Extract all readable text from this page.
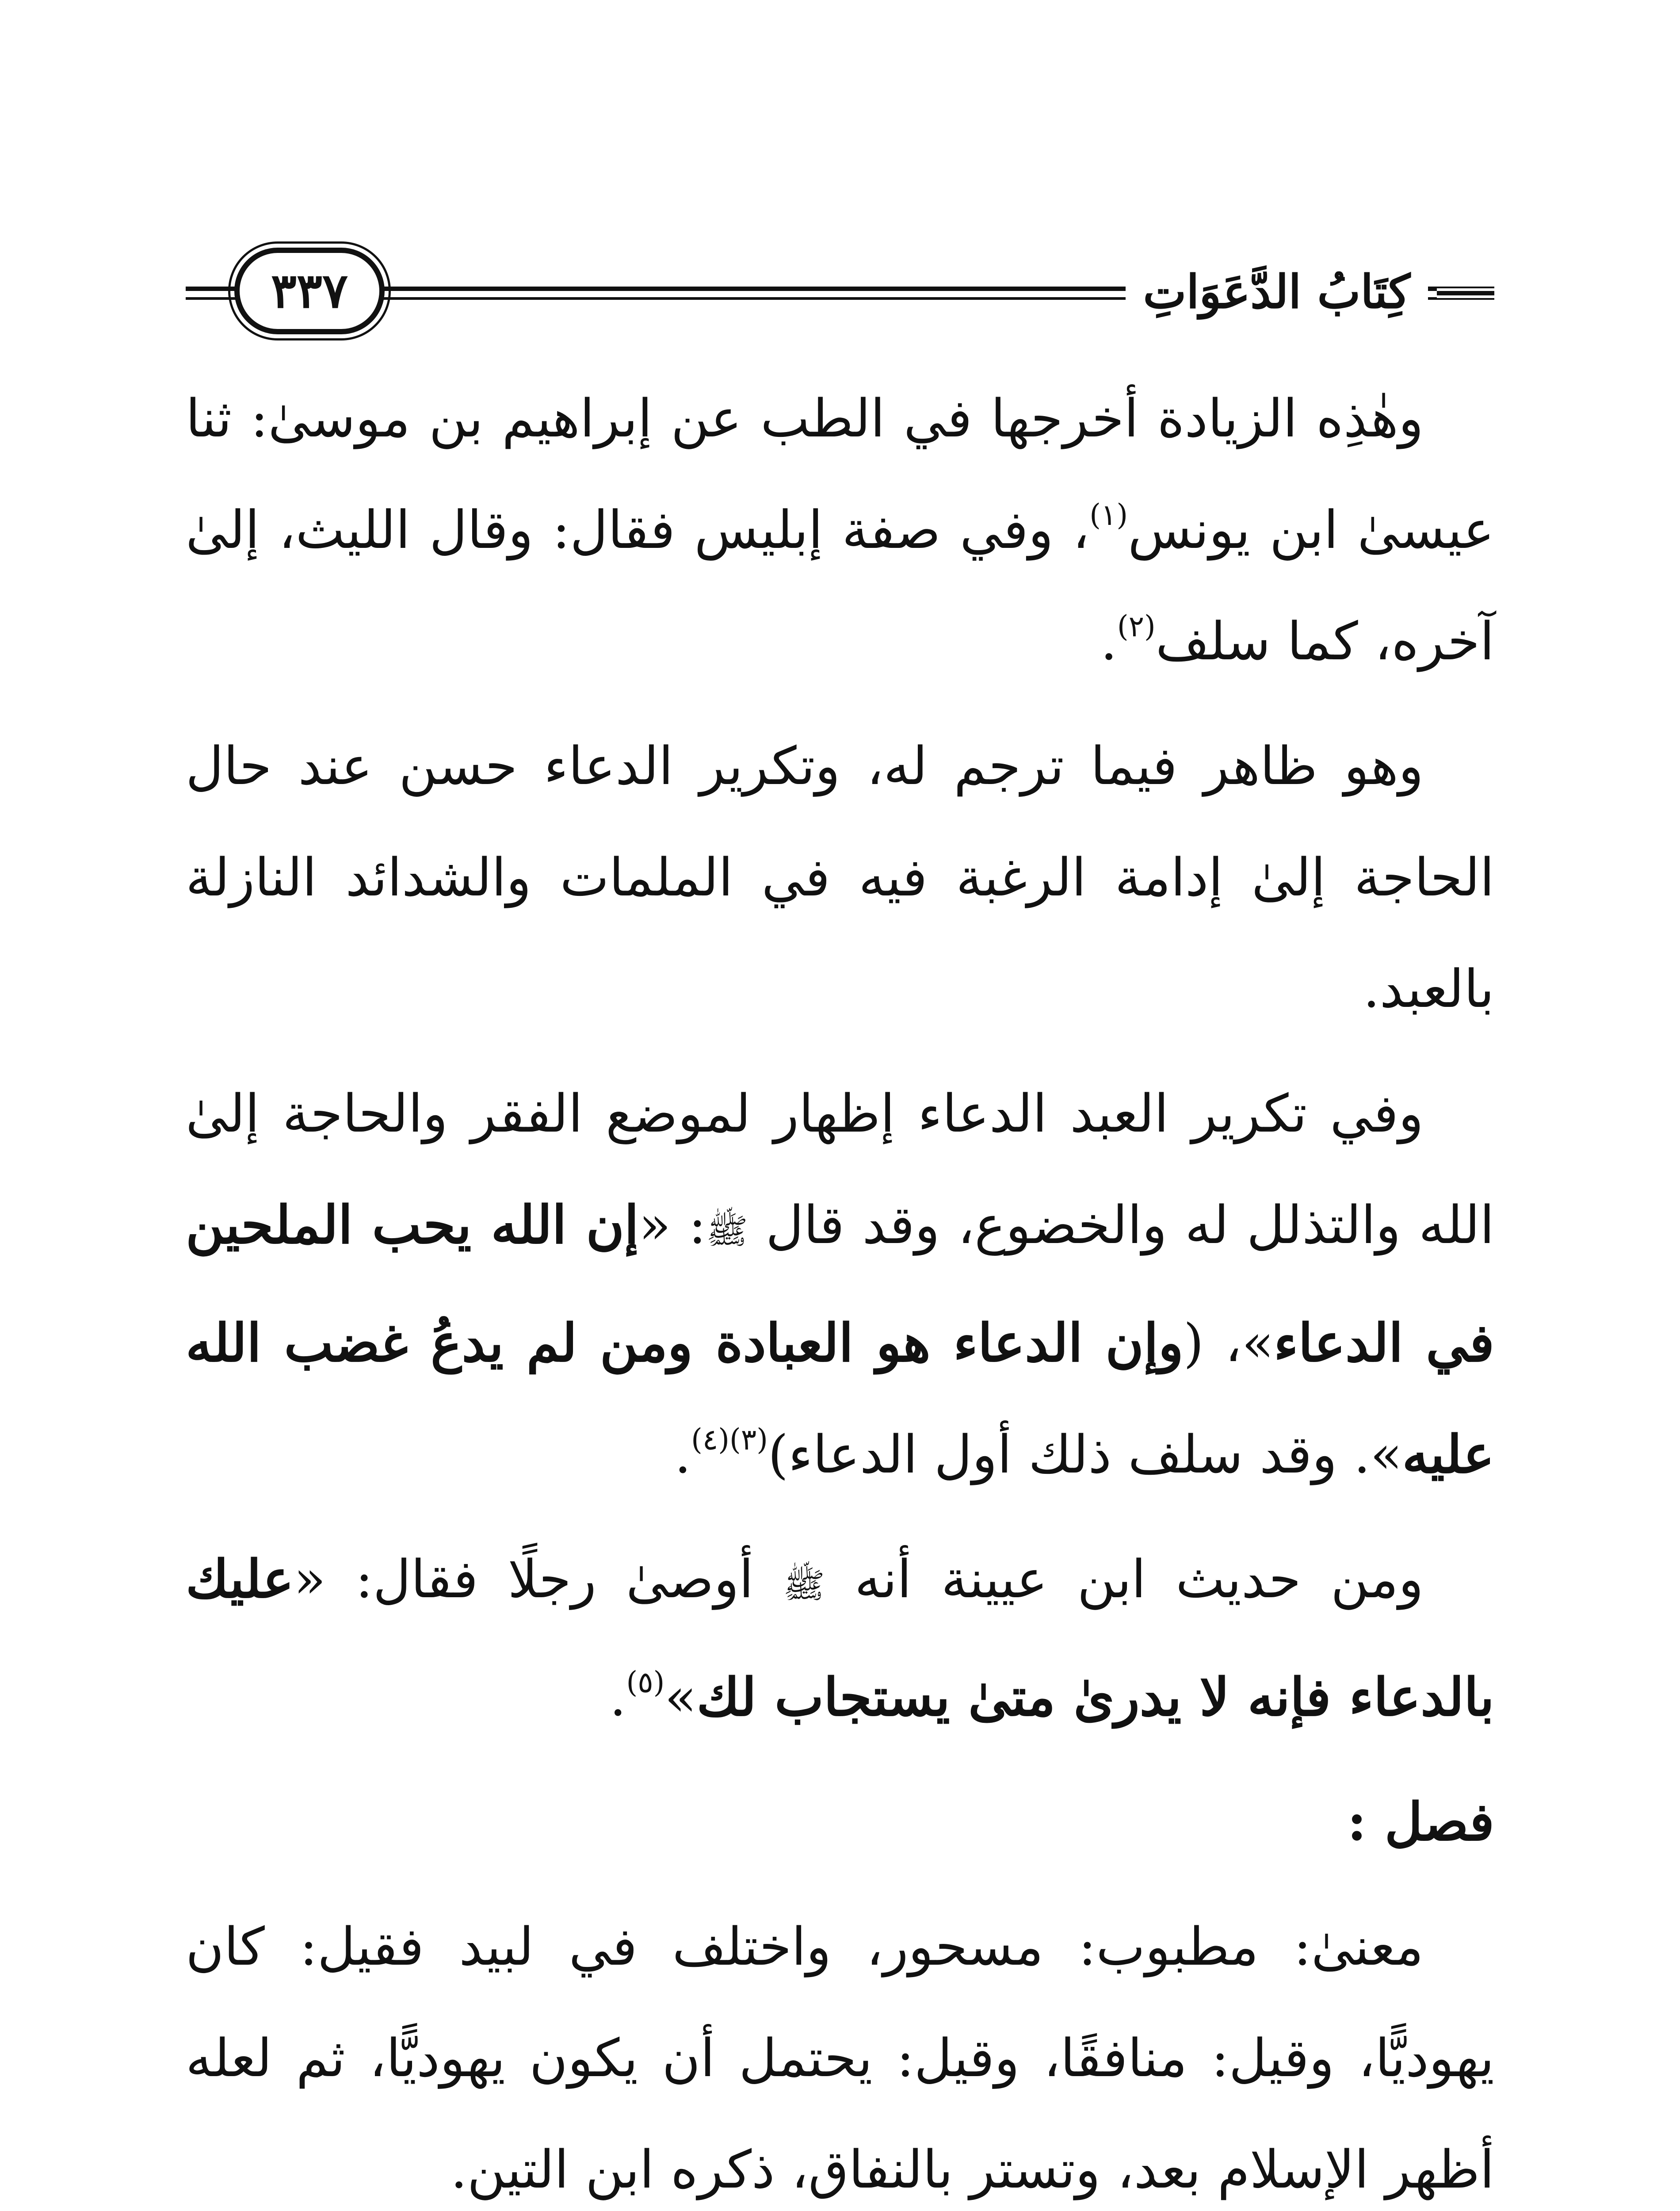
كِتَابُ الدَّعَوَاتِ
٣٣٧

وهٰذِه الزيادة أخرجها في الطب عن إبراهيم بن موسىٰ: ثنا عيسىٰ ابن يونس$^{(١)}$، وفي صفة إبليس فقال: وقال الليث، إلىٰ آخره، كما سلف$^{(٢)}$.

وهو ظاهر فيما ترجم له، وتكرير الدعاء حسن عند حال الحاجة إلىٰ إدامة الرغبة فيه في الملمات والشدائد النازلة بالعبد.

وفي تكرير العبد الدعاء إظهار لموضع الفقر والحاجة إلىٰ الله والتذلل له والخضوع، وقد قال ﷺ: «إن الله يحب الملحين في الدعاء»، (وإن الدعاء هو العبادة ومن لم يدعُ غضب الله عليه». وقد سلف ذلك أول الدعاء)$^{(٣)(٤)}$.

ومن حديث ابن عيينة أنه ﷺ أوصىٰ رجلًا فقال: «عليك بالدعاء فإنه لا يدرىٰ متىٰ يستجاب لك»$^{(٥)}$.

فصل :

معنىٰ: مطبوب: مسحور، واختلف في لبيد فقيل: كان يهوديًّا، وقيل: منافقًا، وقيل: يحتمل أن يكون يهوديًّا، ثم لعله أظهر الإسلام بعد، وتستر بالنفاق، ذكره ابن التين.
